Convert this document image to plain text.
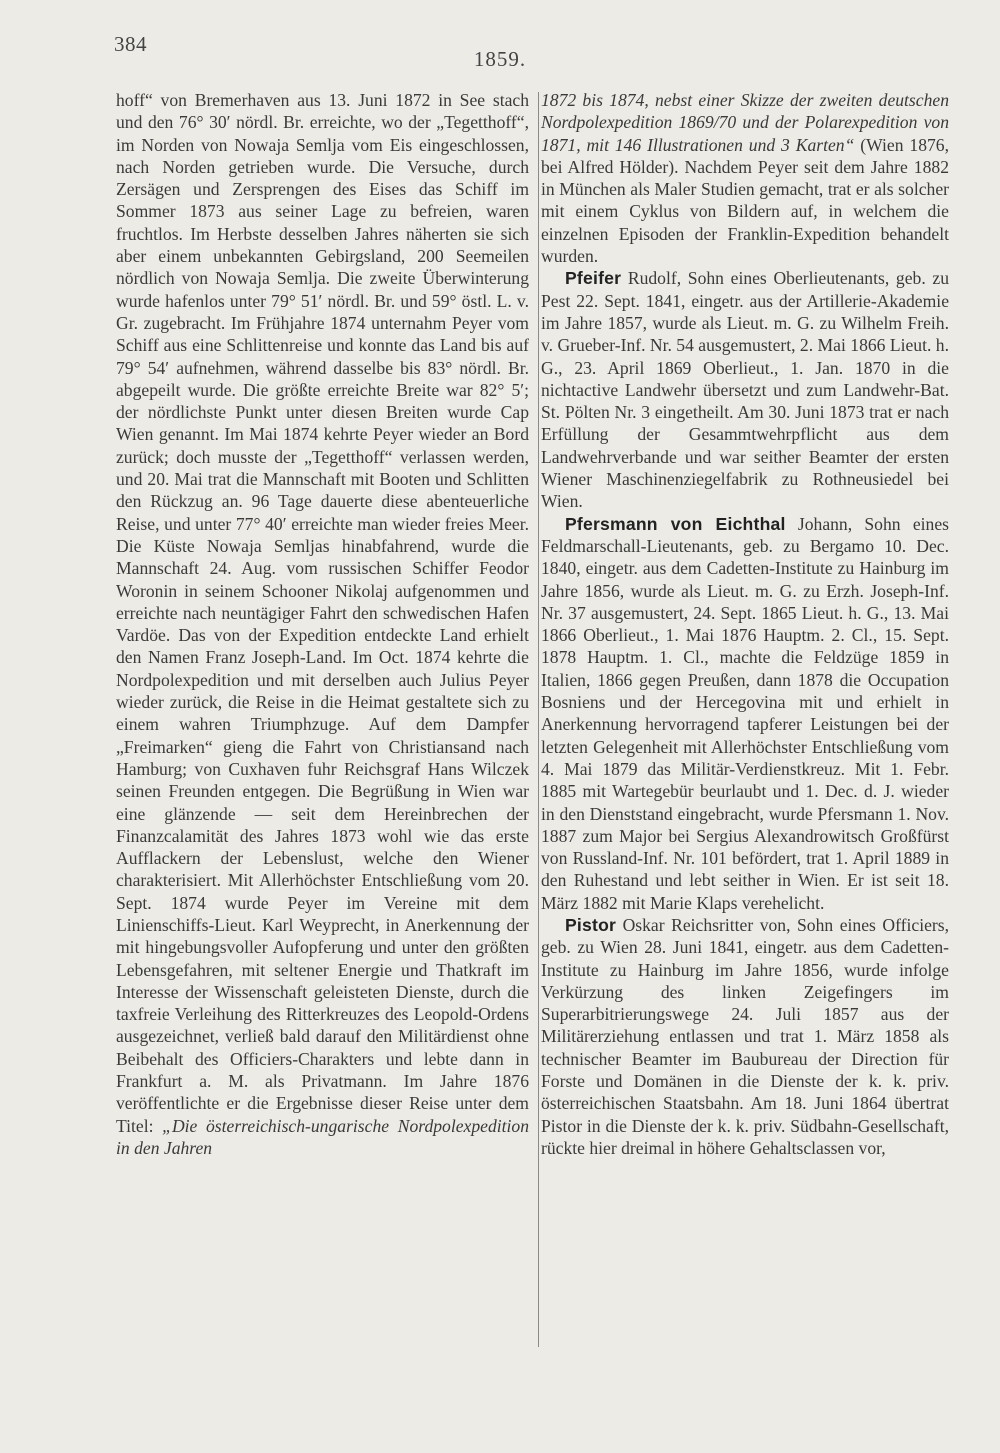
384
1859.

hoff“ von Bremerhaven aus 13. Juni 1872 in See stach und den 76° 30′ nördl. Br. erreichte, wo der „Tegetthoff“, im Norden von Nowaja Semlja vom Eis eingeschlossen, nach Norden getrieben wurde. Die Versuche, durch Zersägen und Zersprengen des Eises das Schiff im Sommer 1873 aus seiner Lage zu befreien, waren fruchtlos. Im Herbste desselben Jahres näherten sie sich aber einem unbekannten Gebirgsland, 200 Seemeilen nördlich von Nowaja Semlja. Die zweite Überwinterung wurde hafenlos unter 79° 51′ nördl. Br. und 59° östl. L. v. Gr. zugebracht. Im Frühjahre 1874 unternahm Peyer vom Schiff aus eine Schlittenreise und konnte das Land bis auf 79° 54′ aufnehmen, während dasselbe bis 83° nördl. Br. abgepeilt wurde. Die größte erreichte Breite war 82° 5′; der nördlichste Punkt unter diesen Breiten wurde Cap Wien genannt. Im Mai 1874 kehrte Peyer wieder an Bord zurück; doch musste der „Tegetthoff“ verlassen werden, und 20. Mai trat die Mannschaft mit Booten und Schlitten den Rückzug an. 96 Tage dauerte diese abenteuerliche Reise, und unter 77° 40′ erreichte man wieder freies Meer. Die Küste Nowaja Semljas hinabfahrend, wurde die Mannschaft 24. Aug. vom russischen Schiffer Feodor Woronin in seinem Schooner Nikolaj aufgenommen und erreichte nach neuntägiger Fahrt den schwedischen Hafen Vardöe. Das von der Expedition entdeckte Land erhielt den Namen Franz Joseph-Land. Im Oct. 1874 kehrte die Nordpolexpedition und mit derselben auch Julius Peyer wieder zurück, die Reise in die Heimat gestaltete sich zu einem wahren Triumphzuge. Auf dem Dampfer „Freimarken“ gieng die Fahrt von Christiansand nach Hamburg; von Cuxhaven fuhr Reichsgraf Hans Wilczek seinen Freunden entgegen. Die Begrüßung in Wien war eine glänzende — seit dem Hereinbrechen der Finanzcalamität des Jahres 1873 wohl wie das erste Aufflackern der Lebenslust, welche den Wiener charakterisiert. Mit Allerhöchster Entschließung vom 20. Sept. 1874 wurde Peyer im Vereine mit dem Linienschiffs-Lieut. Karl Weyprecht, in Anerkennung der mit hingebungsvoller Aufopferung und unter den größten Lebensgefahren, mit seltener Energie und Thatkraft im Interesse der Wissenschaft geleisteten Dienste, durch die taxfreie Verleihung des Ritterkreuzes des Leopold-Ordens ausgezeichnet, verließ bald darauf den Militärdienst ohne Beibehalt des Officiers-Charakters und lebte dann in Frankfurt a. M. als Privatmann. Im Jahre 1876 veröffentlichte er die Ergebnisse dieser Reise unter dem Titel: „Die österreichisch-ungarische Nordpolexpedition in den Jahren

1872 bis 1874, nebst einer Skizze der zweiten deutschen Nordpolexpedition 1869/70 und der Polarexpedition von 1871, mit 146 Illustrationen und 3 Karten“ (Wien 1876, bei Alfred Hölder). Nachdem Peyer seit dem Jahre 1882 in München als Maler Studien gemacht, trat er als solcher mit einem Cyklus von Bildern auf, in welchem die einzelnen Episoden der Franklin-Expedition behandelt wurden.

Pfeifer Rudolf, Sohn eines Oberlieutenants, geb. zu Pest 22. Sept. 1841, eingetr. aus der Artillerie-Akademie im Jahre 1857, wurde als Lieut. m. G. zu Wilhelm Freih. v. Grueber-Inf. Nr. 54 ausgemustert, 2. Mai 1866 Lieut. h. G., 23. April 1869 Oberlieut., 1. Jan. 1870 in die nichtactive Landwehr übersetzt und zum Landwehr-Bat. St. Pölten Nr. 3 eingetheilt. Am 30. Juni 1873 trat er nach Erfüllung der Gesammtwehrpflicht aus dem Landwehrverbande und war seither Beamter der ersten Wiener Maschinenziegelfabrik zu Rothneusiedel bei Wien.

Pfersmann von Eichthal Johann, Sohn eines Feldmarschall-Lieutenants, geb. zu Bergamo 10. Dec. 1840, eingetr. aus dem Cadetten-Institute zu Hainburg im Jahre 1856, wurde als Lieut. m. G. zu Erzh. Joseph-Inf. Nr. 37 ausgemustert, 24. Sept. 1865 Lieut. h. G., 13. Mai 1866 Oberlieut., 1. Mai 1876 Hauptm. 2. Cl., 15. Sept. 1878 Hauptm. 1. Cl., machte die Feldzüge 1859 in Italien, 1866 gegen Preußen, dann 1878 die Occupation Bosniens und der Hercegovina mit und erhielt in Anerkennung hervorragend tapferer Leistungen bei der letzten Gelegenheit mit Allerhöchster Entschließung vom 4. Mai 1879 das Militär-Verdienstkreuz. Mit 1. Febr. 1885 mit Wartegebür beurlaubt und 1. Dec. d. J. wieder in den Dienststand eingebracht, wurde Pfersmann 1. Nov. 1887 zum Major bei Sergius Alexandrowitsch Großfürst von Russland-Inf. Nr. 101 befördert, trat 1. April 1889 in den Ruhestand und lebt seither in Wien. Er ist seit 18. März 1882 mit Marie Klaps verehelicht.

Pistor Oskar Reichsritter von, Sohn eines Officiers, geb. zu Wien 28. Juni 1841, eingetr. aus dem Cadetten-Institute zu Hainburg im Jahre 1856, wurde infolge Verkürzung des linken Zeigefingers im Superarbitrierungswege 24. Juli 1857 aus der Militärerziehung entlassen und trat 1. März 1858 als technischer Beamter im Baubureau der Direction für Forste und Domänen in die Dienste der k. k. priv. österreichischen Staatsbahn. Am 18. Juni 1864 übertrat Pistor in die Dienste der k. k. priv. Südbahn-Gesellschaft, rückte hier dreimal in höhere Gehaltsclassen vor,
